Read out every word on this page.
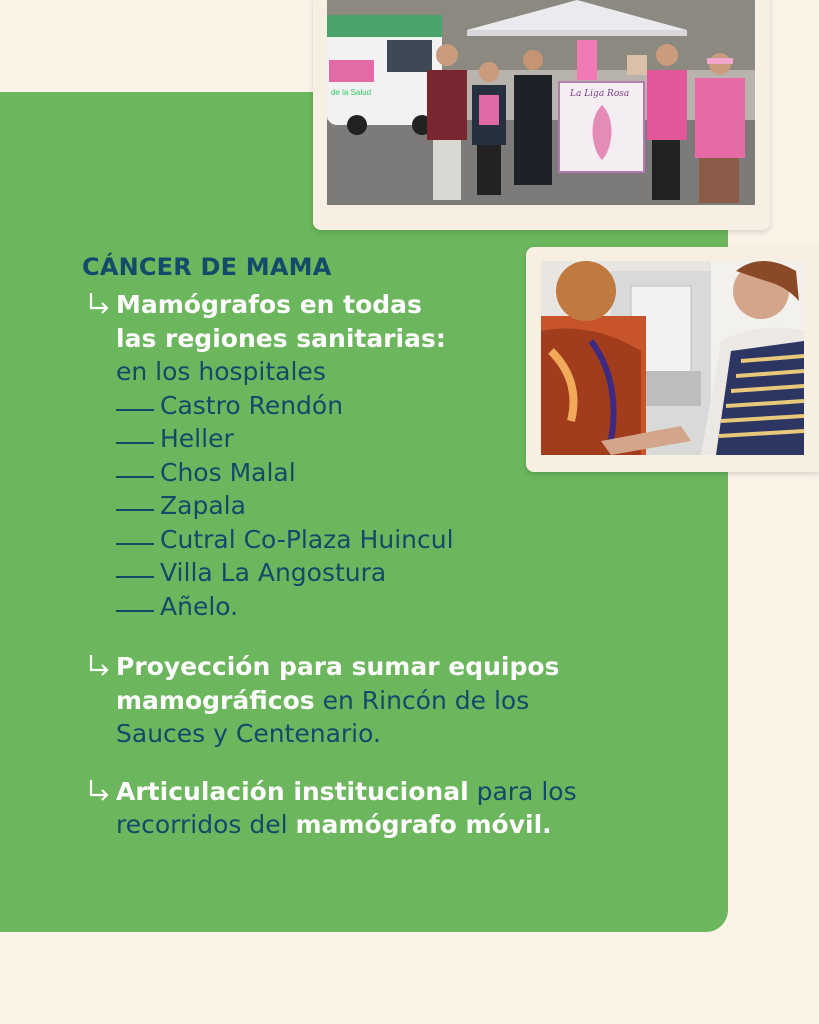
de la Salud	La Liga Rosa
CÁNCER DE MAMA
Mamógrafos en todas
las regiones sanitarias:
en los hospitales
Castro Rendón
Heller
Chos Malal
Zapala
Cutral Co-Plaza Huincul
Villa La Angostura
Añelo.
Proyección para sumar equipos
mamográficos en Rincón de los
Sauces y Centenario.
Articulación institucional para los
recorridos del mamógrafo móvil.
